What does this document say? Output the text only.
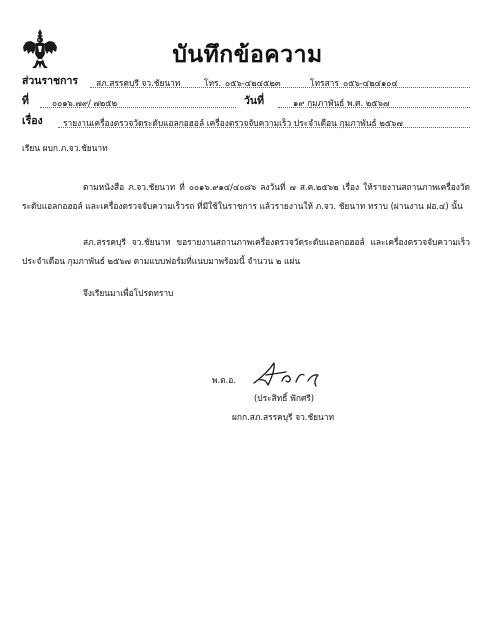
บันทึกข้อความ
ส่วนราชการ สภ.สรรคบุรี จว.ชัยนาท	โทร. ๐๕๖-๔๒๔๕๒๓	โทรสาร ๐๕๖-๔๒๔๑๐๔
ที่	๐๐๑๖.๗๙/ ๗๒๕๒	วันที่	๑๙ กุมภาพันธ์ พ.ศ. ๒๕๖๗
เรื่อง รายงานเครื่องตรวจวัดระดับแอลกอฮอล์ เครื่องตรวจจับความเร็ว ประจำเดือน กุมภาพันธ์ ๒๕๖๗
เรียน ผบก.ภ.จว.ชัยนาท
ตามหนังสือ ภ.จว.ชัยนาท ที่ ๐๐๑๖.๙๑๔/๔๐๘๖ ลงวันที่ ๗ ส.ค.๒๕๖๒ เรื่อง ให้รายงานสถานภาพเครื่องวัดระดับแอลกอฮอล์ และเครื่องตรวจจับความเร็วรถ ที่มีใช้ในราชการ แล้วรายงานให้ ภ.จว. ชัยนาท ทราบ (ผ่านงาน ฝอ.๔) นั้น
สภ.สรรคบุรี จว.ชัยนาท ขอรายงานสถานภาพเครื่องตรวจวัดระดับแอลกอฮอล์ และเครื่องตรวจจับความเร็ว ประจำเดือน กุมภาพันธ์ ๒๕๖๗ ตามแบบฟอร์มที่แนบมาพร้อมนี้ จำนวน ๒ แผ่น
จึงเรียนมาเพื่อโปรดทราบ
พ.ต.อ.
(ประสิทธิ์ ฟักศรี)
ผกก.สภ.สรรคบุรี จว.ชัยนาท
